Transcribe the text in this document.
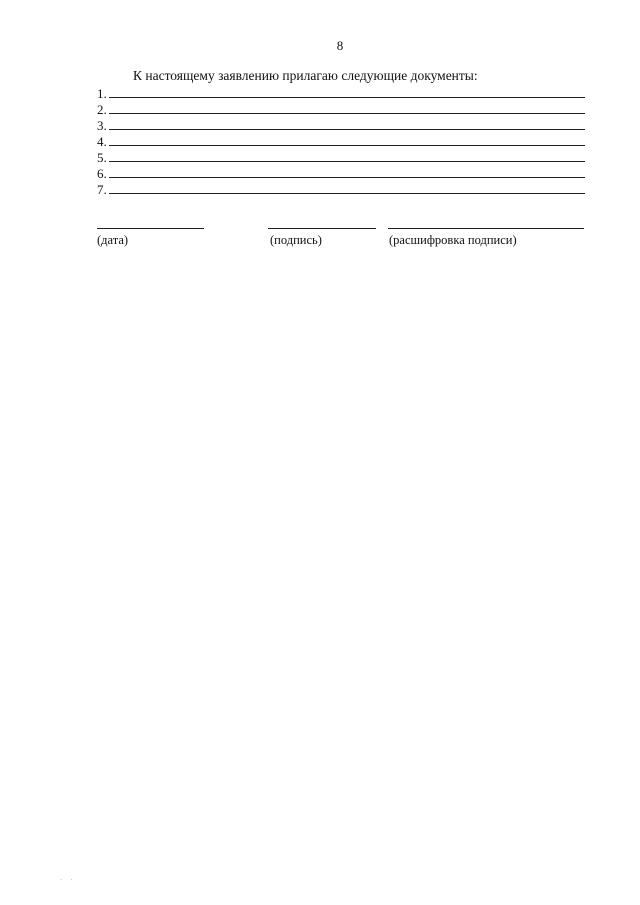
8
К настоящему заявлению прилагаю следующие документы:
1.
2.
3.
4.
5.
6.
7.
(дата)	(подпись)	(расшифровка подписи)
· ·
